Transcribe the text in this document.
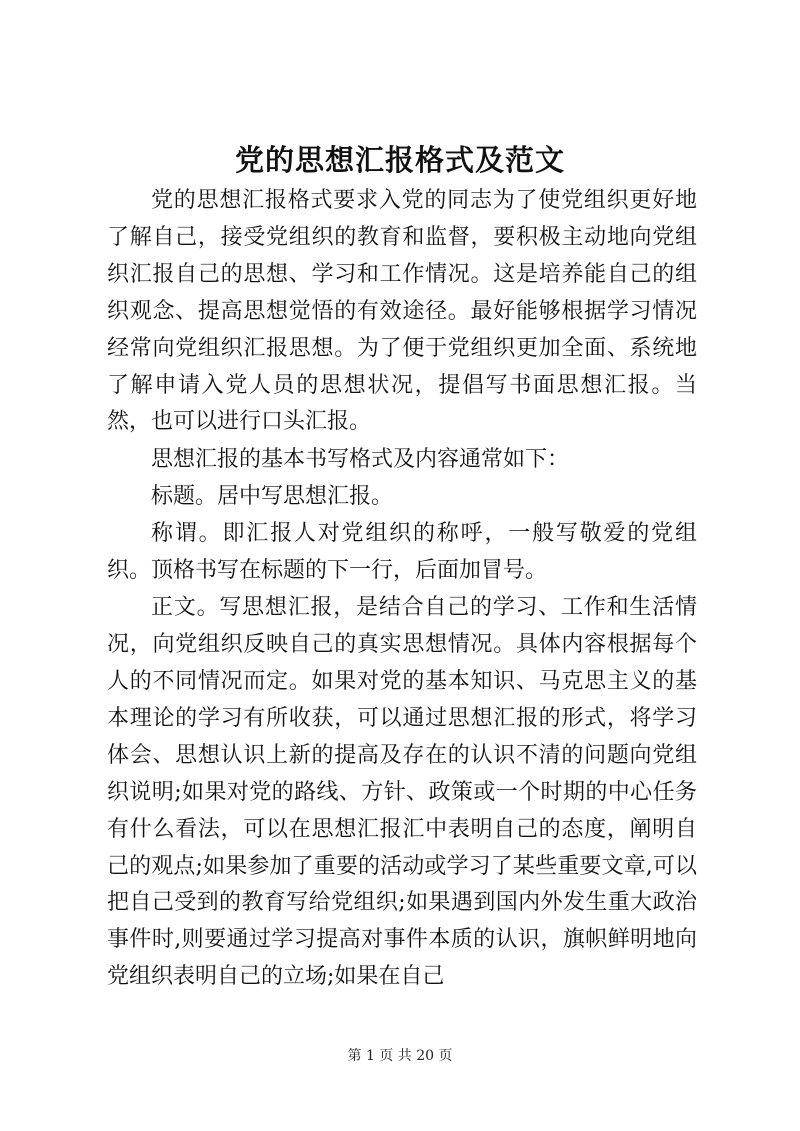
党的思想汇报格式及范文

党的思想汇报格式要求入党的同志为了使党组织更好地了解自己，接受党组织的教育和监督，要积极主动地向党组织汇报自己的思想、学习和工作情况。这是培养能自己的组织观念、提高思想觉悟的有效途径。最好能够根据学习情况经常向党组织汇报思想。为了便于党组织更加全面、系统地了解申请入党人员的思想状况，提倡写书面思想汇报。当然，也可以进行口头汇报。

思想汇报的基本书写格式及内容通常如下：

标题。居中写思想汇报。

称谓。即汇报人对党组织的称呼，一般写敬爱的党组织。顶格书写在标题的下一行，后面加冒号。

正文。写思想汇报，是结合自己的学习、工作和生活情况，向党组织反映自己的真实思想情况。具体内容根据每个人的不同情况而定。如果对党的基本知识、马克思主义的基本理论的学习有所收获，可以通过思想汇报的形式，将学习体会、思想认识上新的提高及存在的认识不清的问题向党组织说明;如果对党的路线、方针、政策或一个时期的中心任务有什么看法，可以在思想汇报汇中表明自己的态度，阐明自己的观点;如果参加了重要的活动或学习了某些重要文章,可以把自己受到的教育写给党组织;如果遇到国内外发生重大政治事件时,则要通过学习提高对事件本质的认识，旗帜鲜明地向党组织表明自己的立场;如果在自己

第 1 页 共 20 页
